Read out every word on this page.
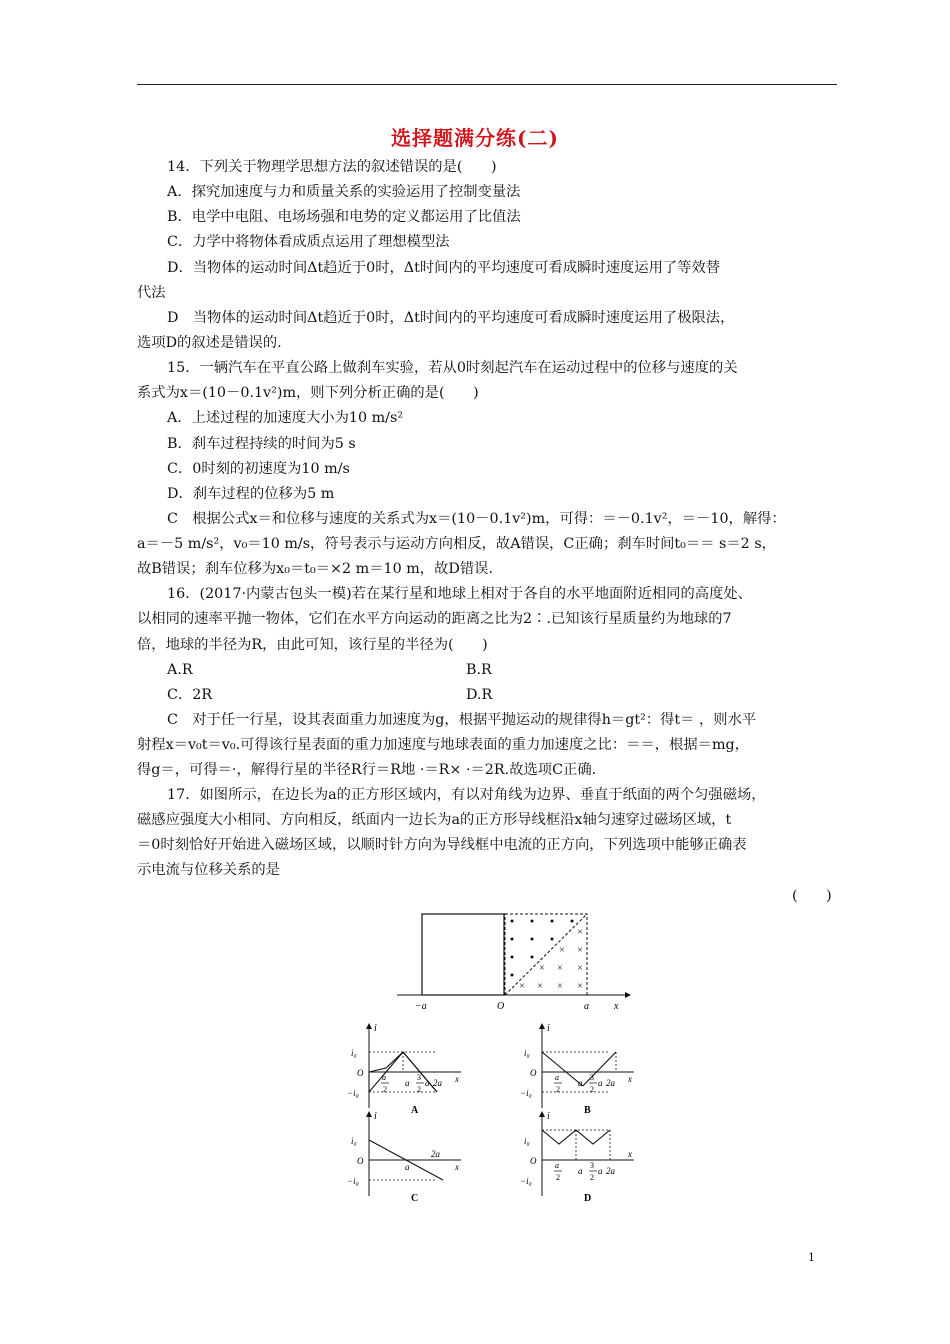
选择题满分练(二)
14．下列关于物理学思想方法的叙述错误的是(　　)
A．探究加速度与力和质量关系的实验运用了控制变量法
B．电学中电阻、电场场强和电势的定义都运用了比值法
C．力学中将物体看成质点运用了理想模型法
D．当物体的运动时间Δt趋近于0时，Δt时间内的平均速度可看成瞬时速度运用了等效替
代法
D　当物体的运动时间Δt趋近于0时，Δt时间内的平均速度可看成瞬时速度运用了极限法，
选项D的叙述是错误的.
15．一辆汽车在平直公路上做刹车实验，若从0时刻起汽车在运动过程中的位移与速度的关
系式为x＝(10－0.1v²)m，则下列分析正确的是(　　)
A．上述过程的加速度大小为10 m/s²
B．刹车过程持续的时间为5 s
C．0时刻的初速度为10 m/s
D．刹车过程的位移为5 m
C　根据公式x＝和位移与速度的关系式为x＝(10－0.1v²)m，可得：＝－0.1v²，＝－10，解得：
a＝－5 m/s²，v₀＝10 m/s，符号表示与运动方向相反，故A错误，C正确；刹车时间t₀＝＝ s＝2 s，
故B错误；刹车位移为x₀＝t₀＝×2 m＝10 m，故D错误.
16．(2017·内蒙古包头一模)若在某行星和地球上相对于各自的水平地面附近相同的高度处、
以相同的速率平抛一物体，它们在水平方向运动的距离之比为2∶.已知该行星质量约为地球的7
倍，地球的半径为R，由此可知，该行星的半径为(　　)
C　对于任一行星，设其表面重力加速度为g，根据平抛运动的规律得h＝gt²：得t＝ ，则水平
射程x＝v₀t＝v₀.可得该行星表面的重力加速度与地球表面的重力加速度之比：＝＝，根据＝mg，
得g＝，可得＝·，解得行星的半径R行＝R地 ·＝R× ·＝2R.故选项C正确.
17．如图所示，在边长为a的正方形区域内，有以对角线为边界、垂直于纸面的两个匀强磁场，
磁感应强度大小相同、方向相反，纸面内一边长为a的正方形导线框沿x轴匀速穿过磁场区域，t
＝0时刻恰好开始进入磁场区域，以顺时针方向为导线框中电流的正方向，下列选项中能够正确表
示电流与位移关系的是
A.R	B.R
C．2R	D.R
(　　)
×
× ×
× × ×
× × × ×
−a	O	a	x
i
i₀
−i₀
O
x
A
a
2
a
3
2
a 2a
i
i₀
−i₀
O
x
B
a
2
a
3
2
a 2a
i
i₀
−i₀
O
x
C
a
2a
i
i₀
−i₀
O
x
D
a
2
a
3
2
a 2a
1
